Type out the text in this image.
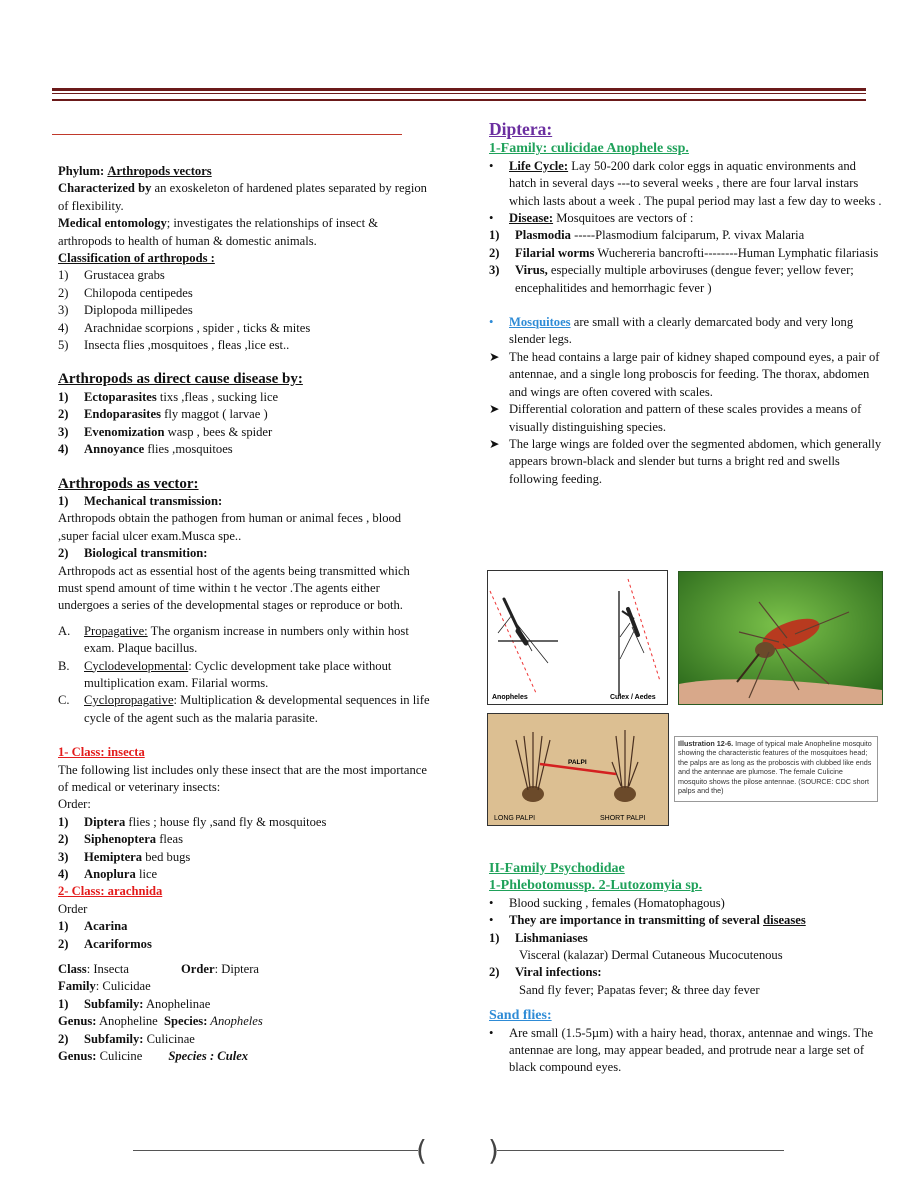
Phylum: Arthropods vectors

Characterized by an exoskeleton of hardened plates separated by region of flexibility.

Medical entomology; investigates the relationships of insect & arthropods to health of human & domestic animals.

Classification of arthropods :

1)	Grustacea grabs
2)	Chilopoda centipedes
3)	Diplopoda millipedes
4)	Arachnidae scorpions , spider , ticks & mites
5)	Insecta flies ,mosquitoes , fleas ,lice est..

Arthropods as direct cause disease by:

1)	Ectoparasites tixs ,fleas , sucking lice
2)	Endoparasites fly maggot ( larvae )
3)	Evenomization wasp , bees & spider
4)	Annoyance flies ,mosquitoes

Arthropods as vector:

1)	Mechanical transmission:

Arthropods obtain the pathogen from human or animal feces , blood ,super facial ulcer exam.Musca spe..

2)	Biological transmition:

Arthropods act as essential host of the agents being transmitted which must spend amount of time within t he vector .The agents either undergoes a series of the developmental stages or reproduce or both.

A.	Propagative: The organism increase in numbers only within host exam. Plaque bacillus.
B.	Cyclodevelopmental: Cyclic development take place without multiplication exam. Filarial worms.
C.	Cyclopropagative: Multiplication & developmental sequences in life cycle of the agent such as the malaria parasite.

1- Class: insecta

The following list includes only these insect that are the most importance of medical or veterinary insects:

Order:

1)	Diptera flies ; house fly ,sand fly & mosquitoes
2)	Siphenoptera fleas
3)	Hemiptera bed bugs
4)	Anoplura lice

2- Class: arachnida

Order

1)	Acarina
2)	Acariformos

Class: Insecta	Order: Diptera

Family: Culicidae

1)	Subfamily: Anophelinae

Genus: Anopheline Species: Anopheles

2)	Subfamily: Culicinae

Genus: Culicine Species : Culex

Diptera:

1-Family: culicidae Anophele ssp.

•	Life Cycle: Lay 50-200 dark color eggs in aquatic environments and hatch in several days ---to several weeks , there are four larval instars which lasts about a week . The pupal period may last a few day to weeks .
•	Disease: Mosquitoes are vectors of :
1)	Plasmodia -----Plasmodium falciparum, P. vivax Malaria
2)	Filarial worms Wuchereria bancrofti--------Human Lymphatic filariasis
3)	Virus, especially multiple arboviruses (dengue fever; yellow fever; encephalitides and hemorrhagic fever )
•	Mosquitoes are small with a clearly demarcated body and very long slender legs.
➤ The head contains a large pair of kidney shaped compound eyes, a pair of antennae, and a single long proboscis for feeding. The thorax, abdomen and wings are often covered with scales.
➤ Differential coloration and pattern of these scales provides a means of visually distinguishing species.
➤ The large wings are folded over the segmented abdomen, which generally appears brown-black and slender but turns a bright red and swells following feeding.
Anopheles	Culex / Aedes
PALPI
LONG PALPI	SHORT PALPI
Illustration 12-6. Image of typical male Anopheline mosquito showing the characteristic features of the mosquitoes head; the palps are as long as the proboscis with clubbed like ends and the antennae are plumose. The female Culicine mosquito shows the pilose antennae. (SOURCE: CDC short palps and the)

II-Family Psychodidae

1-Phlebotomussp. 2-Lutozomyia sp.

•	Blood sucking , females (Homatophagous)
•	They are importance in transmitting of several diseases
1)	Lishmaniases

Visceral (kalazar) Dermal Cutaneous Mucocutenous

2)	Viral infections:

Sand fly fever; Papatas fever; & three day fever

Sand flies:

•	Are small (1.5-5µm) with a hairy head, thorax, antennae and wings. The antennae are long, may appear beaded, and protrude near a large set of black compound eyes.
( )
